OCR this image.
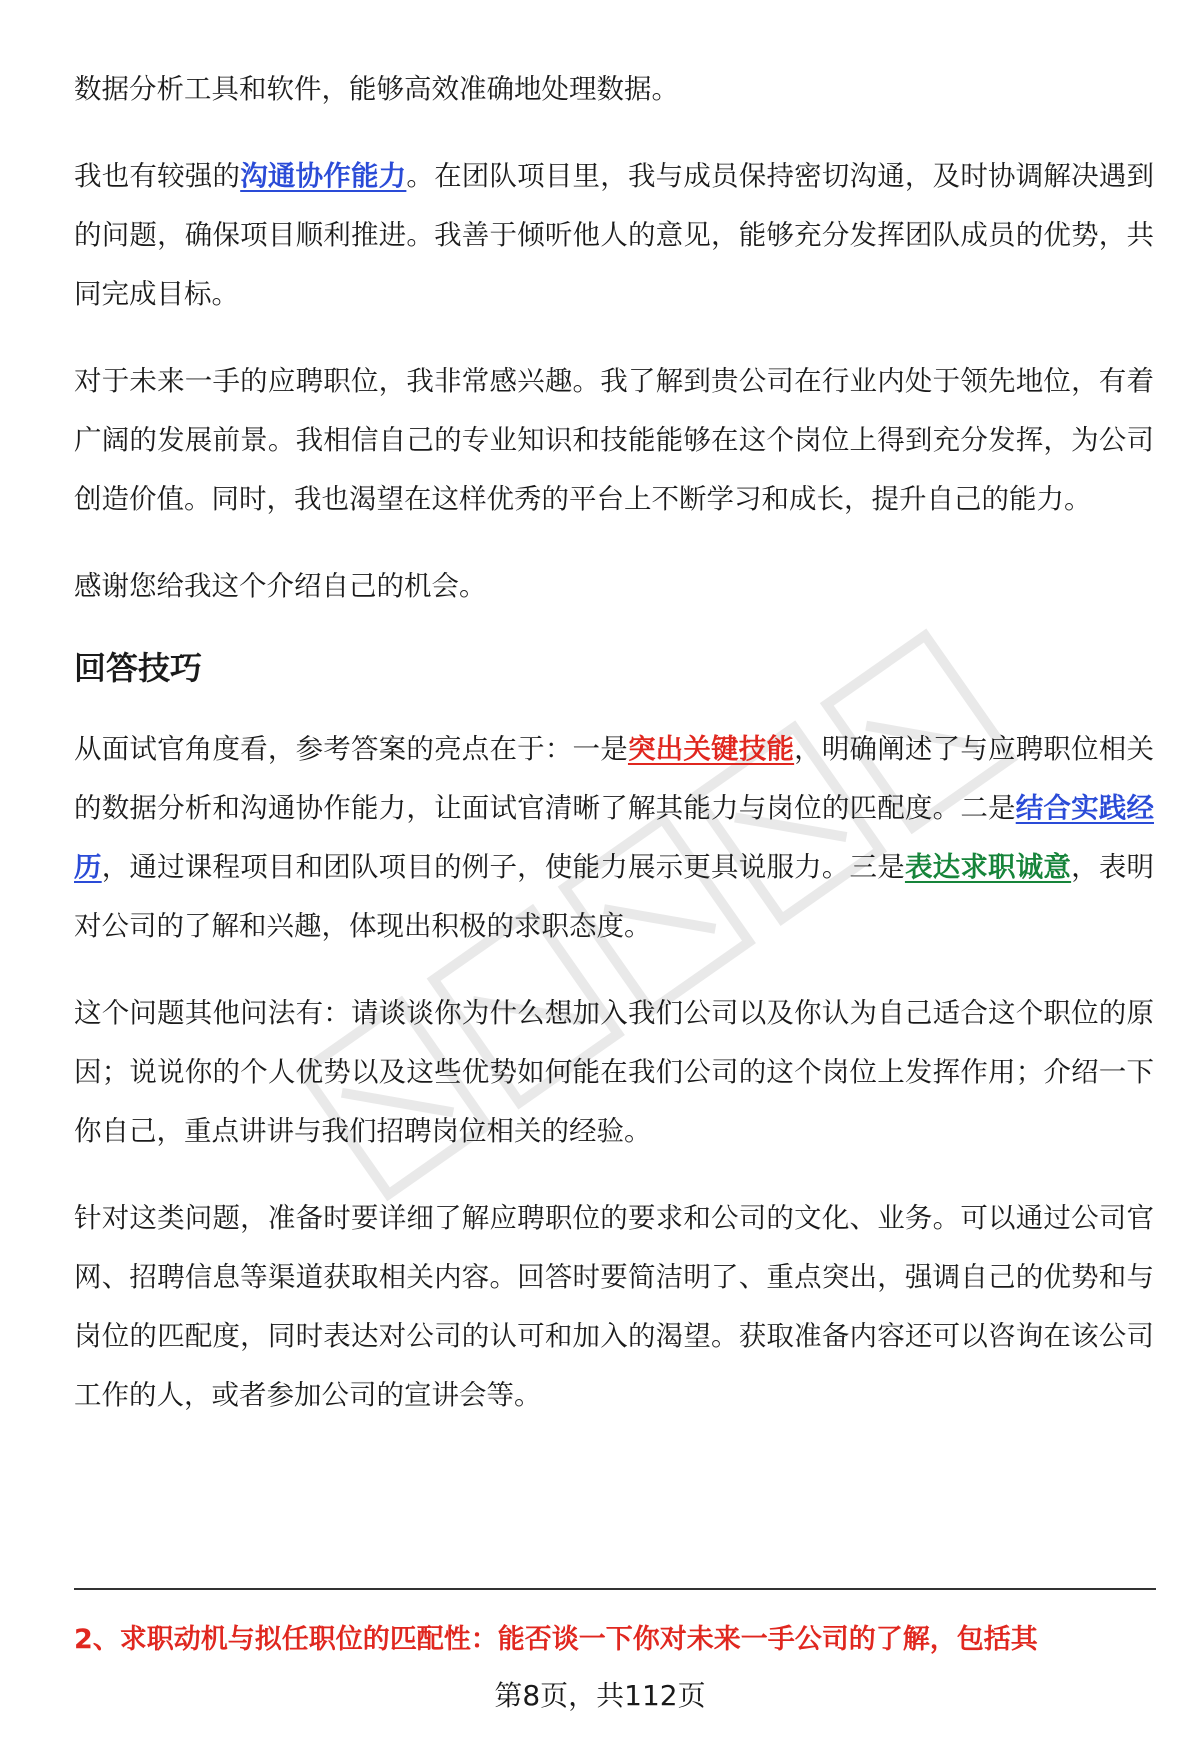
数据分析工具和软件，能够高效准确地处理数据。

我也有较强的沟通协作能力。在团队项目里，我与成员保持密切沟通，及时协调解决遇到的问题，确保项目顺利推进。我善于倾听他人的意见，能够充分发挥团队成员的优势，共同完成目标。

对于未来一手的应聘职位，我非常感兴趣。我了解到贵公司在行业内处于领先地位，有着广阔的发展前景。我相信自己的专业知识和技能能够在这个岗位上得到充分发挥，为公司创造价值。同时，我也渴望在这样优秀的平台上不断学习和成长，提升自己的能力。

感谢您给我这个介绍自己的机会。

回答技巧

从面试官角度看，参考答案的亮点在于：一是突出关键技能，明确阐述了与应聘职位相关的数据分析和沟通协作能力，让面试官清晰了解其能力与岗位的匹配度。二是结合实践经历，通过课程项目和团队项目的例子，使能力展示更具说服力。三是表达求职诚意，表明对公司的了解和兴趣，体现出积极的求职态度。

这个问题其他问法有：请谈谈你为什么想加入我们公司以及你认为自己适合这个职位的原因；说说你的个人优势以及这些优势如何能在我们公司的这个岗位上发挥作用；介绍一下你自己，重点讲讲与我们招聘岗位相关的经验。

针对这类问题，准备时要详细了解应聘职位的要求和公司的文化、业务。可以通过公司官网、招聘信息等渠道获取相关内容。回答时要简洁明了、重点突出，强调自己的优势和与岗位的匹配度，同时表达对公司的认可和加入的渴望。获取准备内容还可以咨询在该公司工作的人，或者参加公司的宣讲会等。

2、求职动机与拟任职位的匹配性：能否谈一下你对未来一手公司的了解，包括其
第8页，共112页
